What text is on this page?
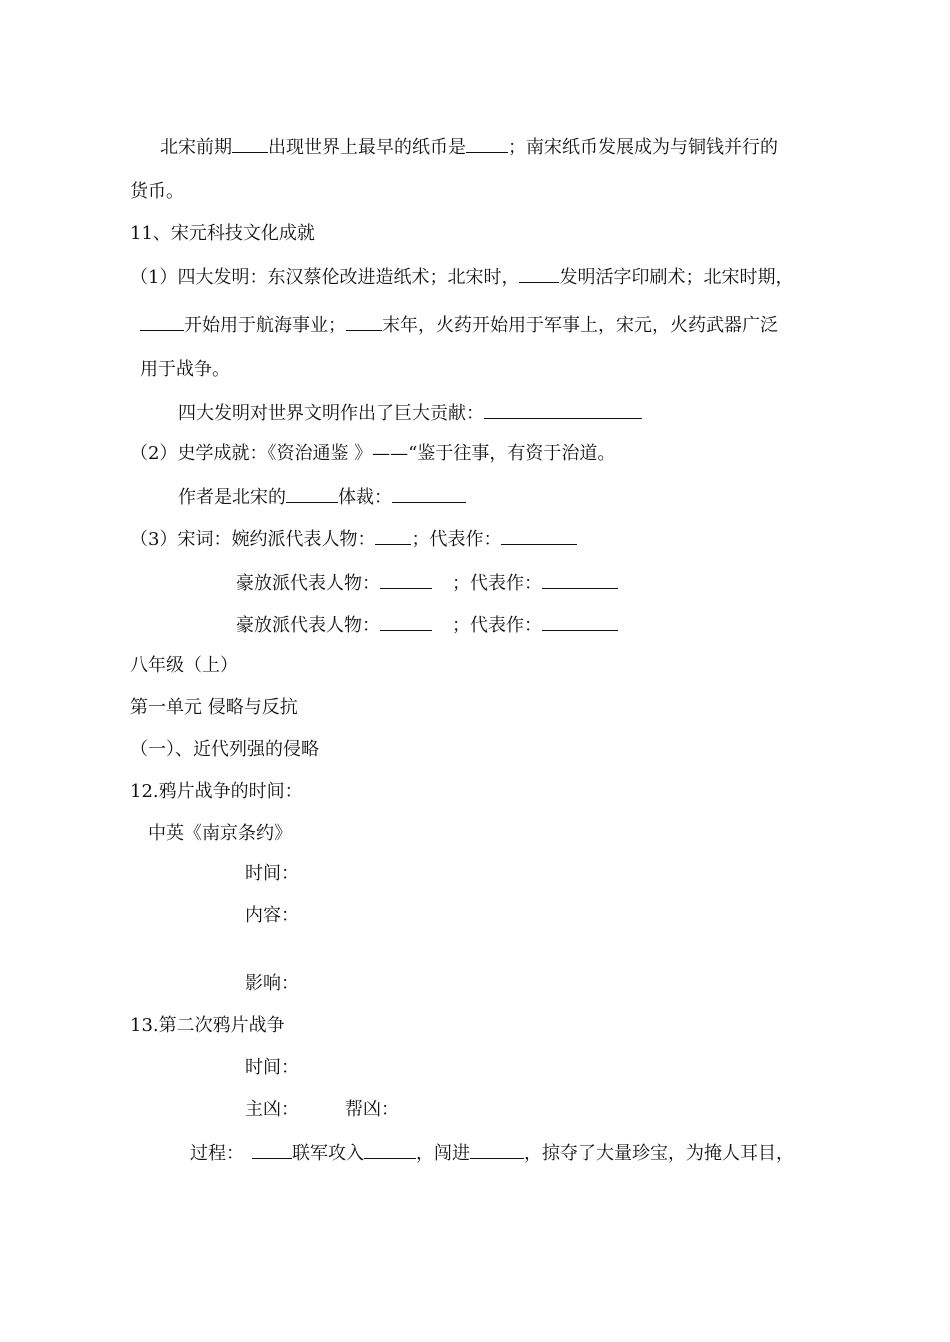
北宋前期 出现世界上最早的纸币是 ；南宋纸币发展成为与铜钱并行的
货币。
11、宋元科技文化成就
（1）四大发明：东汉蔡伦改进造纸术；北宋时， 发明活字印刷术；北宋时期，
开始用于航海事业； 末年，火药开始用于军事上，宋元，火药武器广泛
用于战争。
四大发明对世界文明作出了巨大贡献：
（2）史学成就：《资治通鉴 》——“鉴于往事，有资于治道。
作者是北宋的	体裁：
（3）宋词：婉约派代表人物： ；代表作：
豪放派代表人物：	；代表作：
豪放派代表人物：	；代表作：
八年级（上）
第一单元 侵略与反抗
（一）、近代列强的侵略
12.鸦片战争的时间：
中英《南京条约》
时间：
内容：
影响：
13.第二次鸦片战争
时间：
主凶：	帮凶：
过程：	联军攻入	，闯进	，掠夺了大量珍宝，为掩人耳目，
